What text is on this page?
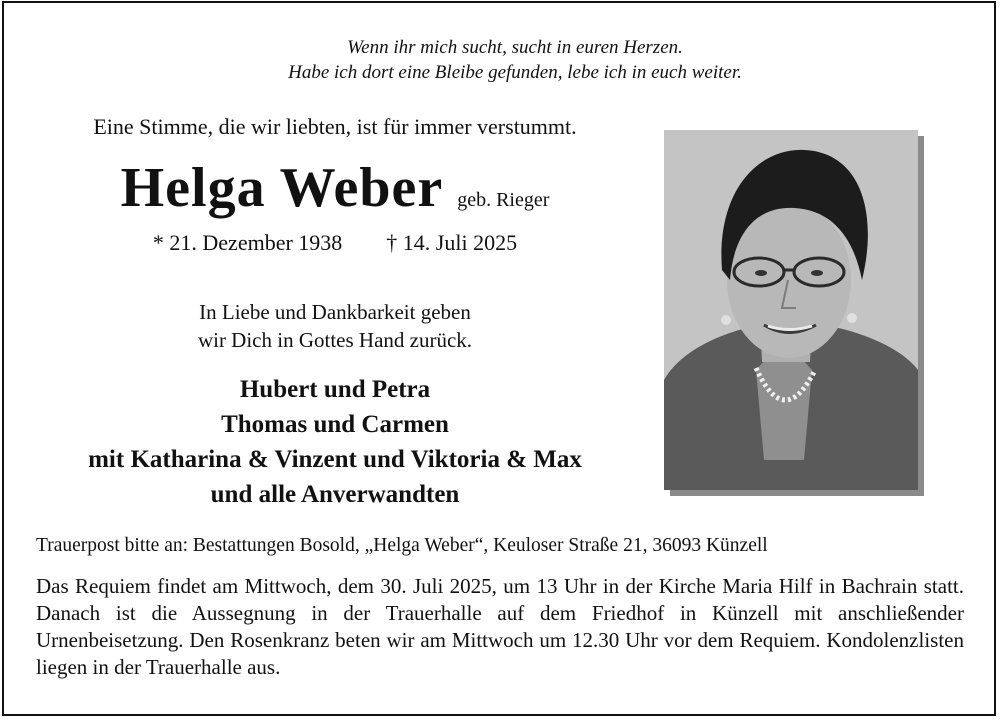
Wenn ihr mich sucht, sucht in euren Herzen.
Habe ich dort eine Bleibe gefunden, lebe ich in euch weiter.
Eine Stimme, die wir liebten, ist für immer verstummt.
Helga Weber geb. Rieger
* 21. Dezember 1938 † 14. Juli 2025
In Liebe und Dankbarkeit geben
wir Dich in Gottes Hand zurück.
Hubert und Petra
Thomas und Carmen
mit Katharina & Vinzent und Viktoria & Max
und alle Anverwandten
Trauerpost bitte an: Bestattungen Bosold, „Helga Weber“, Keuloser Straße 21, 36093 Künzell
Das Requiem findet am Mittwoch, dem 30. Juli 2025, um 13 Uhr in der Kirche Maria Hilf in Bachrain statt. Danach ist die Aussegnung in der Trauerhalle auf dem Friedhof in Künzell mit anschließender Urnenbeisetzung. Den Rosenkranz beten wir am Mittwoch um 12.30 Uhr vor dem Requiem. Kondolenzlisten liegen in der Trauerhalle aus.
